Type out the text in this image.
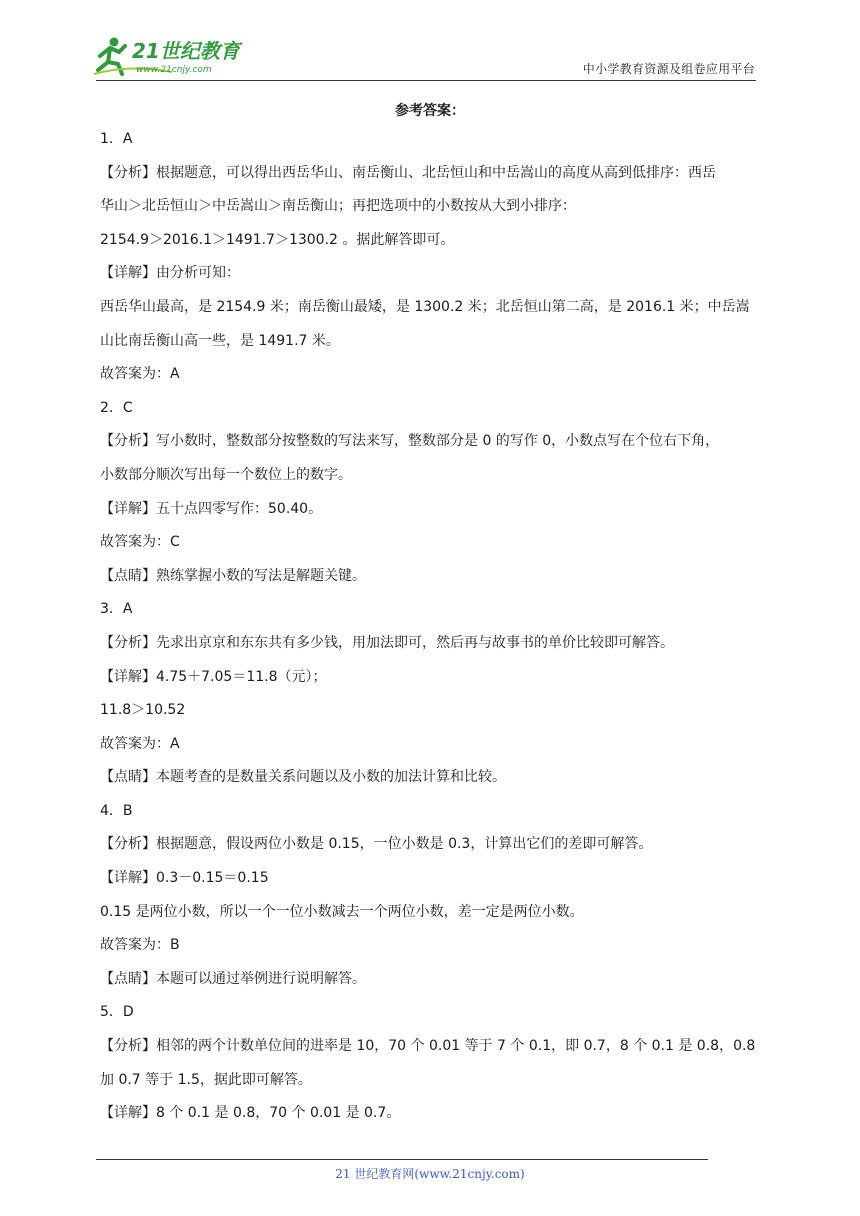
21世纪教育
www.21cnjy.com	中小学教育资源及组卷应用平台
参考答案：
1．A
【分析】根据题意，可以得出西岳华山、南岳衡山、北岳恒山和中岳嵩山的高度从高到低排序：西岳
华山＞北岳恒山＞中岳嵩山＞南岳衡山；再把选项中的小数按从大到小排序：
2154.9＞2016.1＞1491.7＞1300.2 。据此解答即可。
【详解】由分析可知：
西岳华山最高，是 2154.9 米；南岳衡山最矮，是 1300.2 米；北岳恒山第二高，是 2016.1 米；中岳嵩
山比南岳衡山高一些，是 1491.7 米。
故答案为：A
2．C
【分析】写小数时，整数部分按整数的写法来写，整数部分是 0 的写作 0，小数点写在个位右下角，
小数部分顺次写出每一个数位上的数字。
【详解】五十点四零写作：50.40。
故答案为：C
【点睛】熟练掌握小数的写法是解题关键。
3．A
【分析】先求出京京和东东共有多少钱，用加法即可，然后再与故事书的单价比较即可解答。
【详解】4.75＋7.05＝11.8（元）；
11.8＞10.52
故答案为：A
【点睛】本题考查的是数量关系问题以及小数的加法计算和比较。
4．B
【分析】根据题意，假设两位小数是 0.15，一位小数是 0.3，计算出它们的差即可解答。
【详解】0.3－0.15＝0.15
0.15 是两位小数，所以一个一位小数减去一个两位小数，差一定是两位小数。
故答案为：B
【点睛】本题可以通过举例进行说明解答。
5．D
【分析】相邻的两个计数单位间的进率是 10，70 个 0.01 等于 7 个 0.1，即 0.7，8 个 0.1 是 0.8，0.8
加 0.7 等于 1.5，据此即可解答。
【详解】8 个 0.1 是 0.8，70 个 0.01 是 0.7。
21 世纪教育网(www.21cnjy.com)
